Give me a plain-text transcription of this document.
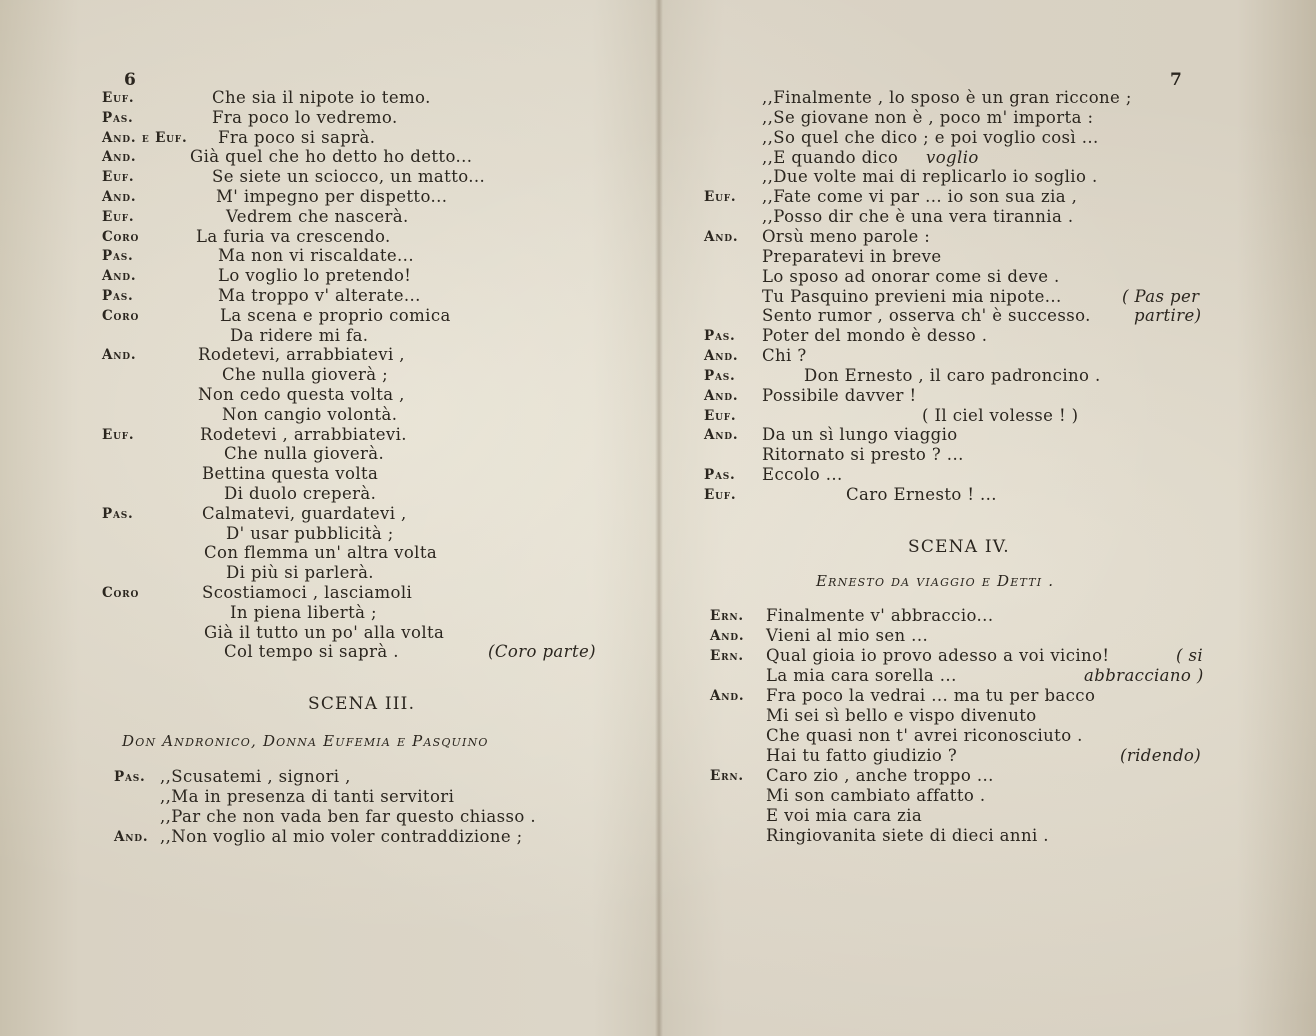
6
Euf.	Che sia il nipote io temo.
Pas.	Fra poco lo vedremo.
And. e Euf. Fra poco si saprà.
And.	Già quel che ho detto ho detto...
Euf.	Se siete un sciocco, un matto...
And.	M' impegno per dispetto...
Euf.	Vedrem che nascerà.
Coro	La furia va crescendo.
Pas.	Ma non vi riscaldate...
And.	Lo voglio lo pretendo!
Pas.	Ma troppo v' alterate...
Coro	La scena e proprio comica
Da ridere mi fa.
And.	Rodetevi, arrabbiatevi ,
Che nulla gioverà ;
Non cedo questa volta ,
Non cangio volontà.
Euf.	Rodetevi , arrabbiatevi.
Che nulla gioverà.
Bettina questa volta
Di duolo creperà.
Pas.	Calmatevi, guardatevi ,
D' usar pubblicità ;
Con flemma un' altra volta
Di più si parlerà.
Coro	Scostiamoci , lasciamoli
In piena libertà ;
Già il tutto un po' alla volta
Col tempo si saprà .	(Coro parte)
SCENA III.
Don Andronico, Donna Eufemia e Pasquino
Pas. ,,Scusatemi , signori ,
,,Ma in presenza di tanti servitori
,,Par che non vada ben far questo chiasso .
And. ,,Non voglio al mio voler contraddizione ;
7
,,Finalmente , lo sposo è un gran riccone ;
,,Se giovane non è , poco m' importa :
,,So quel che dico ; e poi voglio così ...
,,E quando dico voglio
,,Due volte mai di replicarlo io soglio .
Euf. ,,Fate come vi par ... io son sua zia ,
,,Posso dir che è una vera tirannia .
And. Orsù meno parole :
Preparatevi in breve
Lo sposo ad onorar come si deve .
Tu Pasquino previeni mia nipote...	( Pas per
Sento rumor , osserva ch' è successo.	partire)
Pas. Poter del mondo è desso .
And. Chi ?
Pas.	Don Ernesto , il caro padroncino .
And. Possibile davver !
Euf.	( Il ciel volesse ! )
And. Da un sì lungo viaggio
Ritornato si presto ? ...
Pas. Eccolo ...
Euf.	Caro Ernesto ! ...
SCENA IV.
Ernesto da viaggio e Detti .
Ern. Finalmente v' abbraccio...
And. Vieni al mio sen ...
Ern. Qual gioia io provo adesso a voi vicino!	( si
La mia cara sorella ...	abbracciano )
And. Fra poco la vedrai ... ma tu per bacco
Mi sei sì bello e vispo divenuto
Che quasi non t' avrei riconosciuto .
Hai tu fatto giudizio ?	(ridendo)
Ern. Caro zio , anche troppo ...
Mi son cambiato affatto .
E voi mia cara zia
Ringiovanita siete di dieci anni .
